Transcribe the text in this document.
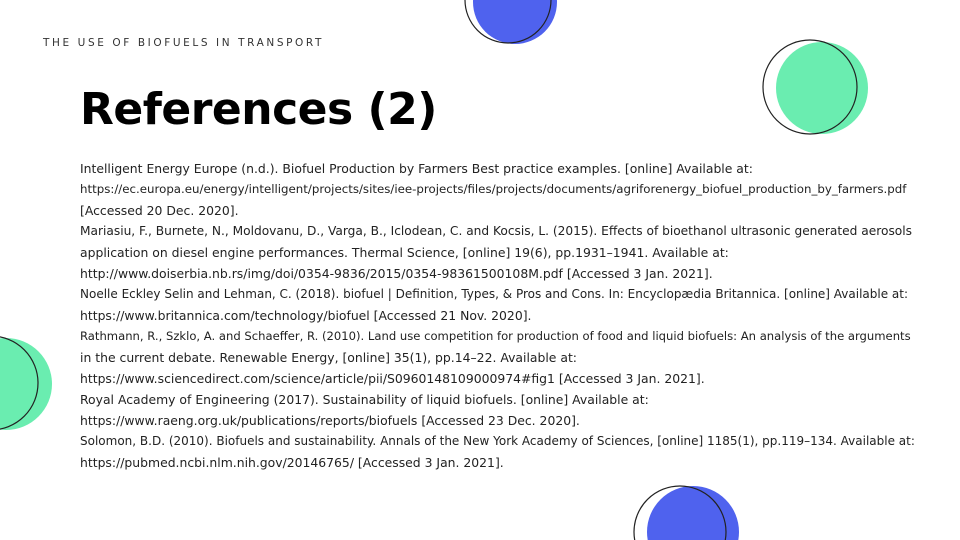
THE USE OF BIOFUELS IN TRANSPORT
References (2)
Intelligent Energy Europe (n.d.). Biofuel Production by Farmers Best practice examples. [online] Available at:
https://ec.europa.eu/energy/intelligent/projects/sites/iee-projects/files/projects/documents/agriforenergy_biofuel_production_by_farmers.pdf
[Accessed 20 Dec. 2020].
Mariasiu, F., Burnete, N., Moldovanu, D., Varga, B., Iclodean, C. and Kocsis, L. (2015). Effects of bioethanol ultrasonic generated aerosols
application on diesel engine performances. Thermal Science, [online] 19(6), pp.1931–1941. Available at:
http://www.doiserbia.nb.rs/img/doi/0354-9836/2015/0354-98361500108M.pdf [Accessed 3 Jan. 2021].
Noelle Eckley Selin and Lehman, C. (2018). biofuel | Definition, Types, & Pros and Cons. In: Encyclopædia Britannica. [online] Available at:
https://www.britannica.com/technology/biofuel [Accessed 21 Nov. 2020].
Rathmann, R., Szklo, A. and Schaeffer, R. (2010). Land use competition for production of food and liquid biofuels: An analysis of the arguments
in the current debate. Renewable Energy, [online] 35(1), pp.14–22. Available at:
https://www.sciencedirect.com/science/article/pii/S0960148109000974#fig1 [Accessed 3 Jan. 2021].
Royal Academy of Engineering (2017). Sustainability of liquid biofuels. [online] Available at:
https://www.raeng.org.uk/publications/reports/biofuels [Accessed 23 Dec. 2020].
Solomon, B.D. (2010). Biofuels and sustainability. Annals of the New York Academy of Sciences, [online] 1185(1), pp.119–134. Available at:
https://pubmed.ncbi.nlm.nih.gov/20146765/ [Accessed 3 Jan. 2021].
